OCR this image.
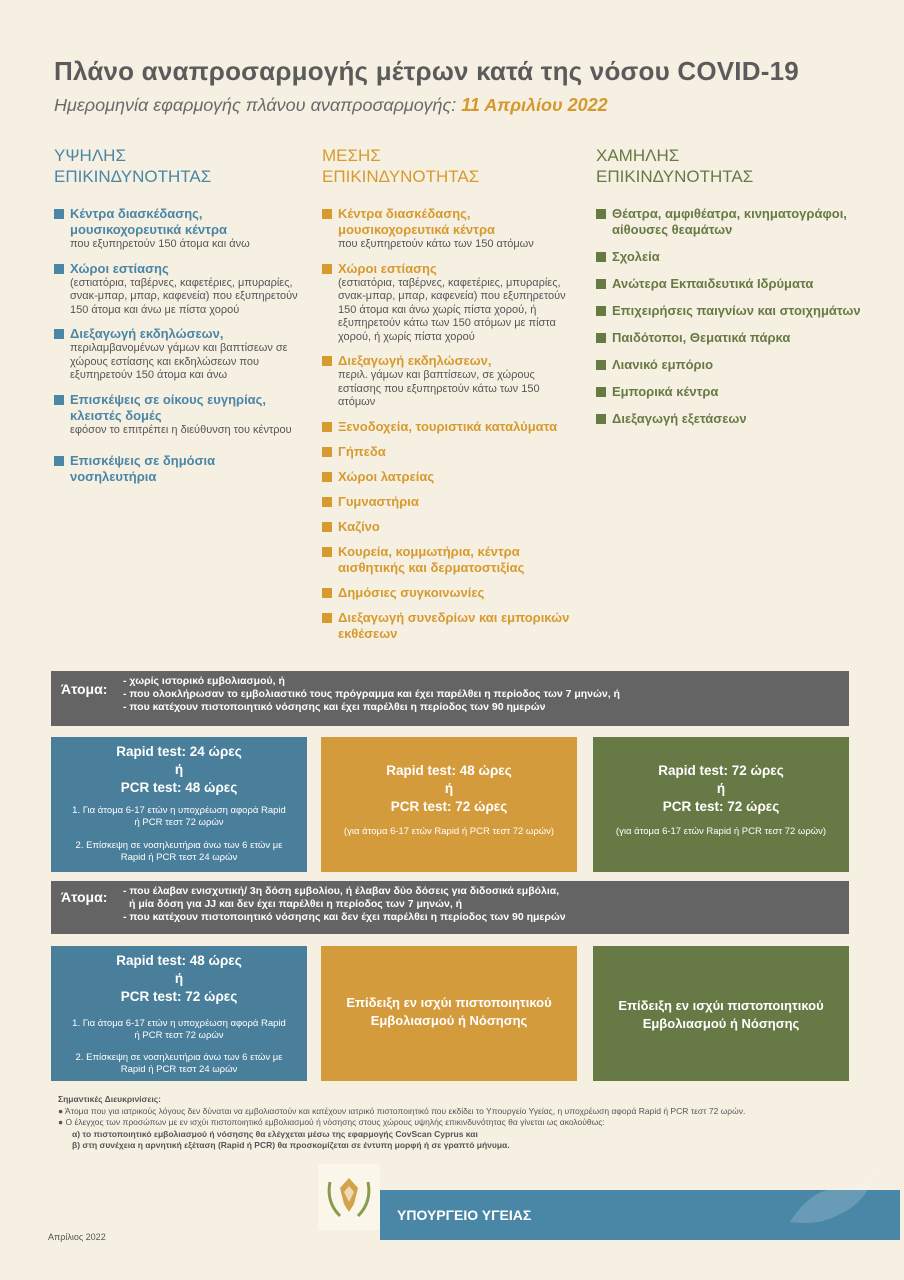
Πλάνο αναπροσαρμογής μέτρων κατά της νόσου COVID-19
Ημερομηνία εφαρμογής πλάνου αναπροσαρμογής: 11 Απριλίου 2022
ΥΨΗΛΗΣ
ΕΠΙΚΙΝΔΥΝΟΤΗΤΑΣ
Κέντρα διασκέδασης, μουσικοχορευτικά κέντρα
που εξυπηρετούν 150 άτομα και άνω
Χώροι εστίασης
(εστιατόρια, ταβέρνες, καφετέριες, μπυραρίες, σνακ-μπαρ, μπαρ, καφενεία) που εξυπηρετούν 150 άτομα και άνω με πίστα χορού
Διεξαγωγή εκδηλώσεων,
περιλαμβανομένων γάμων και βαπτίσεων σε χώρους εστίασης και εκδηλώσεων που εξυπηρετούν 150 άτομα και άνω
Επισκέψεις σε οίκους ευγηρίας, κλειστές δομές
εφόσον το επιτρέπει η διεύθυνση του κέντρου
Επισκέψεις σε δημόσια νοσηλευτήρια
ΜΕΣΗΣ
ΕΠΙΚΙΝΔΥΝΟΤΗΤΑΣ
Κέντρα διασκέδασης, μουσικοχορευτικά κέντρα
που εξυπηρετούν κάτω των 150 ατόμων
Χώροι εστίασης
(εστιατόρια, ταβέρνες, καφετέριες, μπυραρίες, σνακ-μπαρ, μπαρ, καφενεία) που εξυπηρετούν 150 άτομα και άνω χωρίς πίστα χορού, ή εξυπηρετούν κάτω των 150 ατόμων με πίστα χορού, ή χωρίς πίστα χορού
Διεξαγωγή εκδηλώσεων,
περιλ. γάμων και βαπτίσεων, σε χώρους εστίασης που εξυπηρετούν κάτω των 150 ατόμων
Ξενοδοχεία, τουριστικά καταλύματα
Γήπεδα
Χώροι λατρείας
Γυμναστήρια
Καζίνο
Κουρεία, κομμωτήρια, κέντρα αισθητικής και δερματοστιξίας
Δημόσιες συγκοινωνίες
Διεξαγωγή συνεδρίων και εμπορικών εκθέσεων
ΧΑΜΗΛΗΣ
ΕΠΙΚΙΝΔΥΝΟΤΗΤΑΣ
Θέατρα, αμφιθέατρα, κινηματογράφοι, αίθουσες θεαμάτων
Σχολεία
Ανώτερα Εκπαιδευτικά Ιδρύματα
Επιχειρήσεις παιγνίων και στοιχημάτων
Παιδότοποι, Θεματικά πάρκα
Λιανικό εμπόριο
Εμπορικά κέντρα
Διεξαγωγή εξετάσεων
Άτομα: - χωρίς ιστορικό εμβολιασμού, ή
- που ολοκλήρωσαν το εμβολιαστικό τους πρόγραμμα και έχει παρέλθει η περίοδος των 7 μηνών, ή
- που κατέχουν πιστοποιητικό νόσησης και έχει παρέλθει η περίοδος των 90 ημερών
Rapid test: 24 ώρες
ή
PCR test: 48 ώρες
1. Για άτομα 6-17 ετών η υποχρέωση αφορά Rapid ή PCR τεστ 72 ωρών
2. Επίσκεψη σε νοσηλευτήρια άνω των 6 ετών με Rapid ή PCR τεστ 24 ωρών
Rapid test: 48 ώρες
ή
PCR test: 72 ώρες
(για άτομα 6-17 ετών Rapid ή PCR τεστ 72 ωρών)
Rapid test: 72 ώρες
ή
PCR test: 72 ώρες
(για άτομα 6-17 ετών Rapid ή PCR τεστ 72 ωρών)
Άτομα: - που έλαβαν ενισχυτική/ 3η δόση εμβολίου, ή έλαβαν δύο δόσεις για διδοσικά εμβόλια,
ή μία δόση για JJ και δεν έχει παρέλθει η περίοδος των 7 μηνών, ή
- που κατέχουν πιστοποιητικό νόσησης και δεν έχει παρέλθει η περίοδος των 90 ημερών
Rapid test: 48 ώρες
ή
PCR test: 72 ώρες
1. Για άτομα 6-17 ετών η υποχρέωση αφορά Rapid ή PCR τεστ 72 ωρών
2. Επίσκεψη σε νοσηλευτήρια άνω των 6 ετών με Rapid ή PCR τεστ 24 ωρών
Επίδειξη εν ισχύι πιστοποιητικού Εμβολιασμού ή Νόσησης
Επίδειξη εν ισχύι πιστοποιητικού Εμβολιασμού ή Νόσησης
Σημαντικές Διευκρινίσεις:
● Άτομα που για ιατρικούς λόγους δεν δύναται να εμβολιαστούν και κατέχουν ιατρικό πιστοποιητικό που εκδίδει το Υπουργείο Υγείας, η υποχρέωση αφορά Rapid ή PCR τεστ 72 ωρών.
● Ο έλεγχος των προσώπων με εν ισχύι πιστοποιητικό εμβολιασμού ή νόσησης στους χώρους υψηλής επικινδυνότητας θα γίνεται ως ακολούθως:
α) το πιστοποιητικό εμβολιασμού ή νόσησης θα ελέγχεται μέσω της εφαρμογής CovScan Cyprus και
β) στη συνέχεια η αρνητική εξέταση (Rapid ή PCR) θα προσκομίζεται σε έντυπη μορφή ή σε γραπτό μήνυμα.
ΥΠΟΥΡΓΕΙΟ ΥΓΕΙΑΣ
Απρίλιος 2022
